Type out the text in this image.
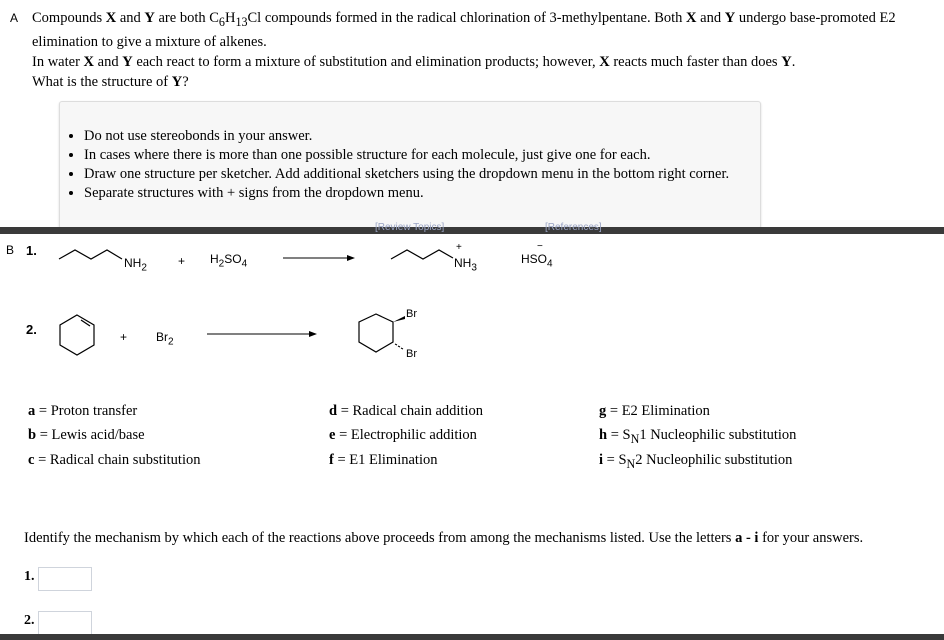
A Compounds X and Y are both $C_6H_{13}Cl$ compounds formed in the radical chlorination of 3-methylpentane. Both X and Y undergo base-promoted E2 elimination to give a mixture of alkenes.
In water X and Y each react to form a mixture of substitution and elimination products; however, X reacts much faster than does Y.
What is the structure of Y?
• Do not use stereobonds in your answer.
• In cases where there is more than one possible structure for each molecule, just give one for each.
• Draw one structure per sketcher. Add additional sketchers using the dropdown menu in the bottom right corner.
• Separate structures with + signs from the dropdown menu.
[Review Topics]	[References]
B 1.
$NH_2$	+ $H_2SO_4$
+
$NH_3$
−
$HSO_4$
2.	+ $Br_2$
Br
Br
a = Proton transfer
b = Lewis acid/base
c = Radical chain substitution
d = Radical chain addition
e = Electrophilic addition
f = E1 Elimination
g = E2 Elimination
$h = S_N1$ Nucleophilic substitution
$i = S_N2$ Nucleophilic substitution
Identify the mechanism by which each of the reactions above proceeds from among the mechanisms listed. Use the letters a - i for your answers.
1.
2.
